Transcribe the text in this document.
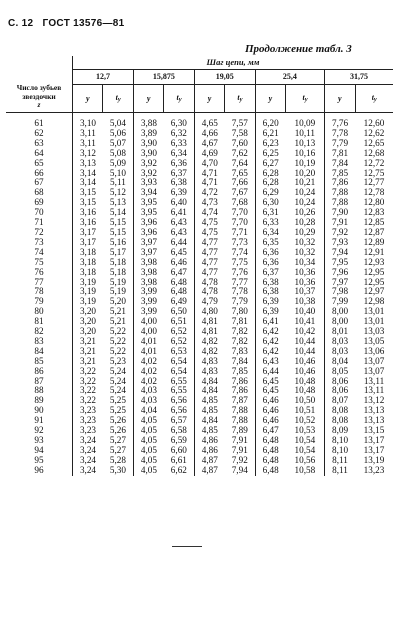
С. 12 ГОСТ 13576—81
Продолжение табл. 3
Число зубьев
звездочки
z	Шаг цепи, мм									
	12,7		15,875		19,05		25,4		31,75	
	y	ty	y	ty	y	ty	y	ty	y	ty
61	3,10	5,04	3,88	6,30	4,65	7,57	6,20	10,09	7,76	12,60
62	3,11	5,06	3,89	6,32	4,66	7,58	6,21	10,11	7,78	12,62
63	3,11	5,07	3,90	6,33	4,67	7,60	6,23	10,13	7,79	12,65
64	3,12	5,08	3,90	6,34	4,69	7,62	6,25	10,16	7,81	12,68
65	3,13	5,09	3,92	6,36	4,70	7,64	6,27	10,19	7,84	12,72
66	3,14	5,10	3,92	6,37	4,71	7,65	6,28	10,20	7,85	12,75
67	3,14	5,11	3,93	6,38	4,71	7,66	6,28	10,21	7,86	12,77
68	3,15	5,12	3,94	6,39	4,72	7,67	6,29	10,24	7,88	12,78
69	3,15	5,13	3,95	6,40	4,73	7,68	6,30	10,24	7,88	12,80
70	3,16	5,14	3,95	6,41	4,74	7,70	6,31	10,26	7,90	12,83
71	3,16	5,15	3,96	6,43	4,75	7,70	6,33	10,28	7,91	12,85
72	3,17	5,15	3,96	6,43	4,75	7,71	6,34	10,29	7,92	12,87
73	3,17	5,16	3,97	6,44	4,77	7,73	6,35	10,32	7,93	12,89
74	3,18	5,17	3,97	6,45	4,77	7,74	6,36	10,32	7,94	12,91
75	3,18	5,18	3,98	6,46	4,77	7,75	6,36	10,34	7,95	12,93
76	3,18	5,18	3,98	6,47	4,77	7,76	6,37	10,36	7,96	12,95
77	3,19	5,19	3,98	6,48	4,78	7,77	6,38	10,36	7,97	12,95
78	3,19	5,19	3,99	6,48	4,78	7,78	6,38	10,37	7,98	12,97
79	3,19	5,20	3,99	6,49	4,79	7,79	6,39	10,38	7,99	12,98
80	3,20	5,21	3,99	6,50	4,80	7,80	6,39	10,40	8,00	13,01
81	3,20	5,21	4,00	6,51	4,81	7,81	6,41	10,41	8,00	13,01
82	3,20	5,22	4,00	6,52	4,81	7,82	6,42	10,42	8,01	13,03
83	3,21	5,22	4,01	6,52	4,82	7,82	6,42	10,44	8,03	13,05
84	3,21	5,22	4,01	6,53	4,82	7,83	6,42	10,44	8,03	13,06
85	3,21	5,23	4,02	6,54	4,83	7,84	6,43	10,46	8,04	13,07
86	3,22	5,24	4,02	6,54	4,83	7,85	6,44	10,46	8,05	13,07
87	3,22	5,24	4,02	6,55	4,84	7,86	6,45	10,48	8,06	13,11
88	3,22	5,24	4,03	6,55	4,84	7,86	6,45	10,48	8,06	13,11
89	3,22	5,25	4,03	6,56	4,85	7,87	6,46	10,50	8,07	13,12
90	3,23	5,25	4,04	6,56	4,85	7,88	6,46	10,51	8,08	13,13
91	3,23	5,26	4,05	6,57	4,84	7,88	6,46	10,52	8,08	13,13
92	3,23	5,26	4,05	6,58	4,85	7,89	6,47	10,53	8,09	13,15
93	3,24	5,27	4,05	6,59	4,86	7,91	6,48	10,54	8,10	13,17
94	3,24	5,27	4,05	6,60	4,86	7,91	6,48	10,54	8,10	13,17
95	3,24	5,28	4,05	6,61	4,87	7,92	6,48	10,56	8,11	13,19
96	3,24	5,30	4,05	6,62	4,87	7,94	6,48	10,58	8,11	13,23
